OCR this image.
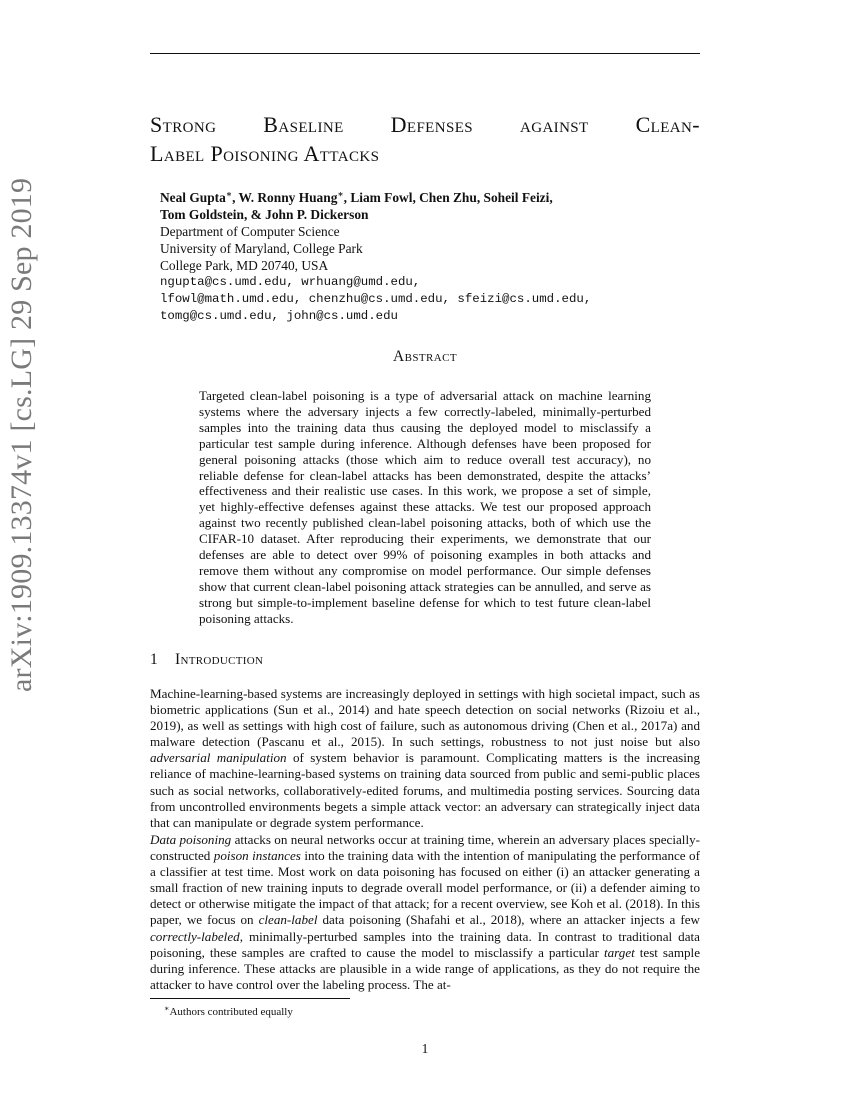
arXiv:1909.13374v1 [cs.LG] 29 Sep 2019
Strong Baseline Defenses against Clean-
Label Poisoning Attacks
Neal Gupta∗, W. Ronny Huang∗, Liam Fowl, Chen Zhu, Soheil Feizi,
Tom Goldstein, & John P. Dickerson
Department of Computer Science
University of Maryland, College Park
College Park, MD 20740, USA
ngupta@cs.umd.edu, wrhuang@umd.edu,
lfowl@math.umd.edu, chenzhu@cs.umd.edu, sfeizi@cs.umd.edu,
tomg@cs.umd.edu, john@cs.umd.edu
Abstract
Targeted clean-label poisoning is a type of adversarial attack on machine learning systems where the adversary injects a few correctly-labeled, minimally-perturbed samples into the training data thus causing the deployed model to misclassify a particular test sample during inference. Although defenses have been proposed for general poisoning attacks (those which aim to reduce overall test accuracy), no reliable defense for clean-label attacks has been demonstrated, despite the attacks’ effectiveness and their realistic use cases. In this work, we propose a set of simple, yet highly-effective defenses against these attacks. We test our proposed approach against two recently published clean-label poisoning attacks, both of which use the CIFAR-10 dataset. After reproducing their experiments, we demonstrate that our defenses are able to detect over 99% of poisoning examples in both attacks and remove them without any compromise on model performance. Our simple defenses show that current clean-label poisoning attack strategies can be annulled, and serve as strong but simple-to-implement baseline defense for which to test future clean-label poisoning attacks.
1 Introduction
Machine-learning-based systems are increasingly deployed in settings with high societal impact, such as biometric applications (Sun et al., 2014) and hate speech detection on social networks (Rizoiu et al., 2019), as well as settings with high cost of failure, such as autonomous driving (Chen et al., 2017a) and malware detection (Pascanu et al., 2015). In such settings, robustness to not just noise but also adversarial manipulation of system behavior is paramount. Complicating matters is the increasing reliance of machine-learning-based systems on training data sourced from public and semi-public places such as social networks, collaboratively-edited forums, and multimedia posting services. Sourcing data from uncontrolled environments begets a simple attack vector: an adversary can strategically inject data that can manipulate or degrade system performance.
Data poisoning attacks on neural networks occur at training time, wherein an adversary places specially-constructed poison instances into the training data with the intention of manipulating the performance of a classifier at test time. Most work on data poisoning has focused on either (i) an attacker generating a small fraction of new training inputs to degrade overall model performance, or (ii) a defender aiming to detect or otherwise mitigate the impact of that attack; for a recent overview, see Koh et al. (2018). In this paper, we focus on clean-label data poisoning (Shafahi et al., 2018), where an attacker injects a few correctly-labeled, minimally-perturbed samples into the training data. In contrast to traditional data poisoning, these samples are crafted to cause the model to misclassify a particular target test sample during inference. These attacks are plausible in a wide range of applications, as they do not require the attacker to have control over the labeling process. The at-
∗Authors contributed equally
1
